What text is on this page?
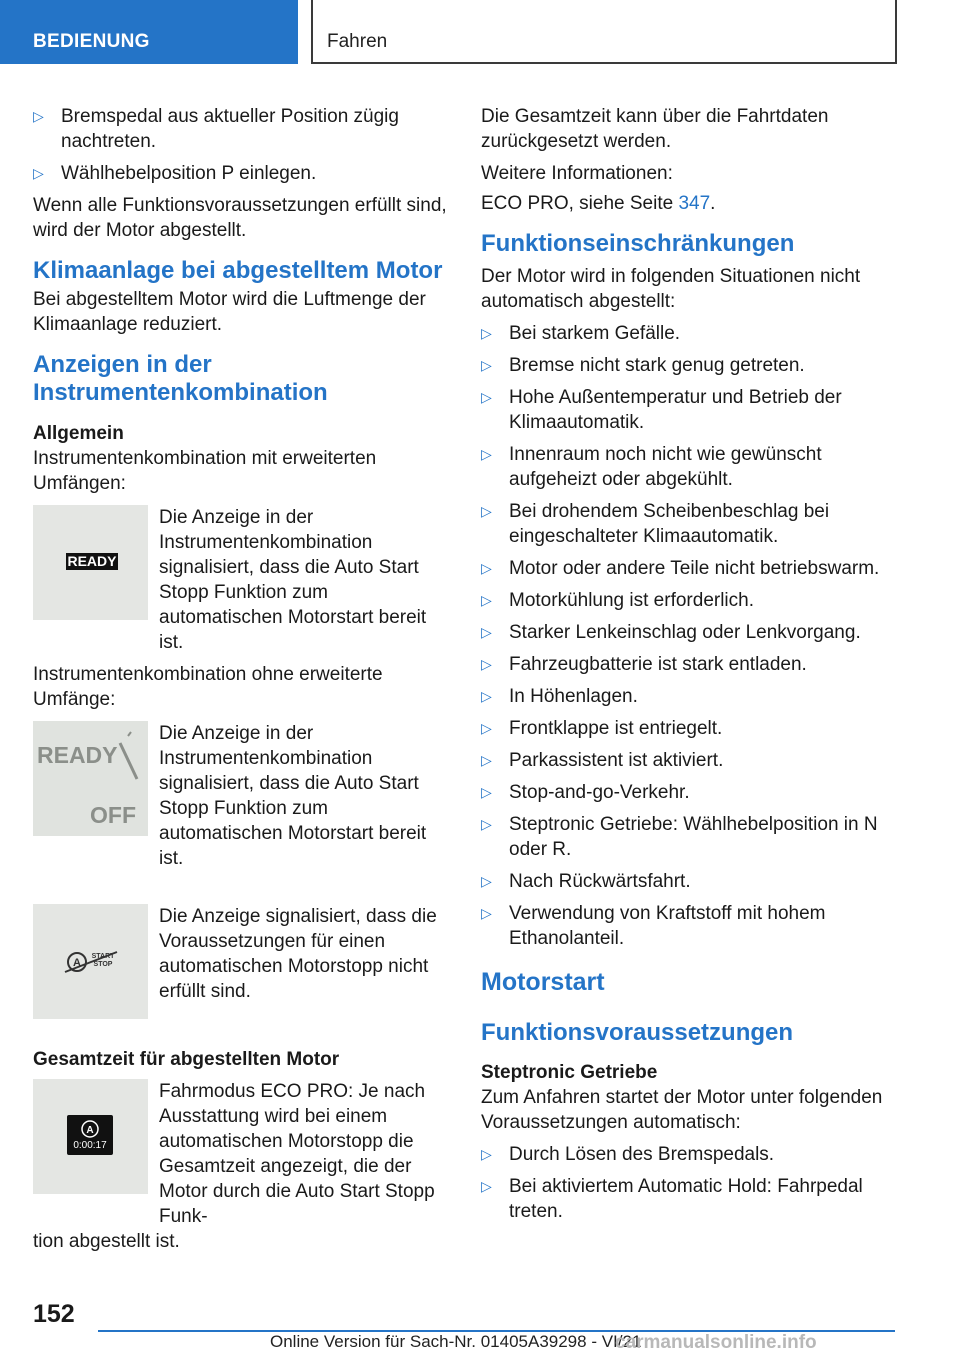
BEDIENUNG	Fahren
▷ Bremspedal aus aktueller Position zügig nachtreten.
▷ Wählhebelposition P einlegen.

Wenn alle Funktionsvoraussetzungen erfüllt sind, wird der Motor abgestellt.

Klimaanlage bei abgestelltem Motor

Bei abgestelltem Motor wird die Luftmenge der Klimaanlage reduziert.

Anzeigen in der Instrumentenkombination
Allgemein

Instrumentenkombination mit erweiterten Umfängen:

READY
Die Anzeige in der Instrumentenkombination signalisiert, dass die Auto Start Stopp Funktion zum automatischen Motorstart bereit ist.

Instrumentenkombination ohne erweiterte Umfänge:

READY
OFF
Die Anzeige in der Instrumentenkombination signalisiert, dass die Auto Start Stopp Funktion zum automatischen Motorstart bereit ist.
A
START STOP
Die Anzeige signalisiert, dass die Voraussetzungen für einen automatischen Motorstopp nicht erfüllt sind.
Gesamtzeit für abgestellten Motor
A
0:00:17
Fahrmodus ECO PRO: Je nach Ausstattung wird bei einem automatischen Motorstopp die Gesamtzeit angezeigt, die der Motor durch die Auto Start Stopp Funk-

tion abgestellt ist.

Die Gesamtzeit kann über die Fahrtdaten zurückgesetzt werden.

Weitere Informationen:

ECO PRO, siehe Seite 347.

Funktionseinschränkungen

Der Motor wird in folgenden Situationen nicht automatisch abgestellt:

▷ Bei starkem Gefälle.
▷ Bremse nicht stark genug getreten.
▷ Hohe Außentemperatur und Betrieb der Klimaautomatik.
▷ Innenraum noch nicht wie gewünscht aufgeheizt oder abgekühlt.
▷ Bei drohendem Scheibenbeschlag bei eingeschalteter Klimaautomatik.
▷ Motor oder andere Teile nicht betriebswarm.
▷ Motorkühlung ist erforderlich.
▷ Starker Lenkeinschlag oder Lenkvorgang.
▷ Fahrzeugbatterie ist stark entladen.
▷ In Höhenlagen.
▷ Frontklappe ist entriegelt.
▷ Parkassistent ist aktiviert.
▷ Stop-and-go-Verkehr.
▷ Steptronic Getriebe: Wählhebelposition in N oder R.
▷ Nach Rückwärtsfahrt.
▷ Verwendung von Kraftstoff mit hohem Ethanolanteil.
Motorstart
Funktionsvoraussetzungen
Steptronic Getriebe

Zum Anfahren startet der Motor unter folgenden Voraussetzungen automatisch:

▷ Durch Lösen des Bremspedals.
▷ Bei aktiviertem Automatic Hold: Fahrpedal treten.
152
Online Version für Sach-Nr. 01405A39298 - VI/21
carmanualsonline.info
